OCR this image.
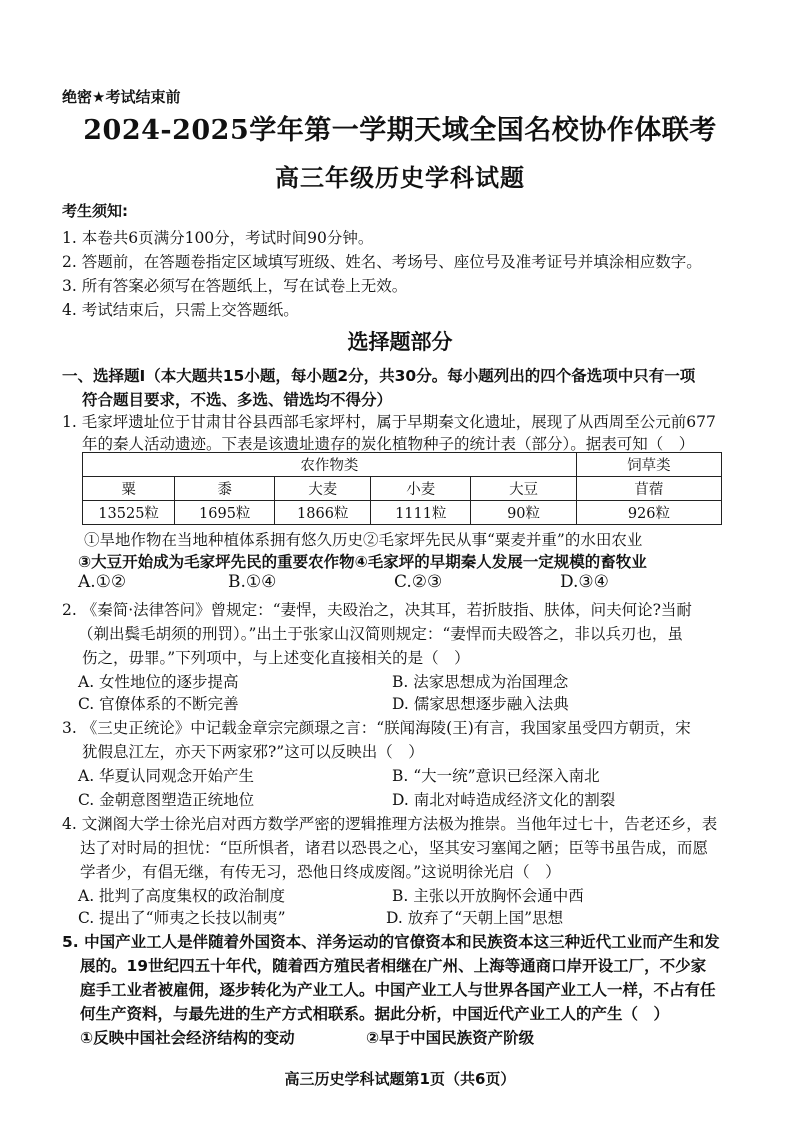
绝密★考试结束前
2024-2025学年第一学期天域全国名校协作体联考
高三年级历史学科试题
考生须知:
1. 本卷共6页满分100分，考试时间90分钟。
2. 答题前，在答题卷指定区域填写班级、姓名、考场号、座位号及准考证号并填涂相应数字。
3. 所有答案必须写在答题纸上，写在试卷上无效。
4. 考试结束后，只需上交答题纸。
选择题部分
一、选择题Ⅰ（本大题共15小题，每小题2分，共30分。每小题列出的四个备选项中只有一项
符合题目要求，不选、多选、错选均不得分）
1. 毛家坪遗址位于甘肃甘谷县西部毛家坪村，属于早期秦文化遗址，展现了从西周至公元前677
年的秦人活动遗迹。下表是该遗址遗存的炭化植物种子的统计表（部分）。据表可知（　）
农作物类					饲草类
粟	黍	大麦	小麦	大豆	苜蓿
13525粒	1695粒	1866粒	1111粒	90粒	926粒
①旱地作物在当地种植体系拥有悠久历史②毛家坪先民从事“粟麦并重”的水田农业
③大豆开始成为毛家坪先民的重要农作物④毛家坪的早期秦人发展一定规模的畜牧业
A.①②	B.①④	C.②③	D.③④
2. 《秦简·法律答问》曾规定：“妻悍，夫殴治之，决其耳，若折肢指、肤体，问夫何论?当耐
（剃出鬓毛胡须的刑罚）。”出土于张家山汉简则规定：“妻悍而夫殴答之，非以兵刃也，虽
伤之，毋罪。”下列项中，与上述变化直接相关的是（　）
A. 女性地位的逐步提高	B. 法家思想成为治国理念
C. 官僚体系的不断完善	D. 儒家思想逐步融入法典
3. 《三史正统论》中记载金章宗完颜璟之言：“朕闻海陵(王)有言，我国家虽受四方朝贡，宋
犹假息江左，亦天下两家邪?”这可以反映出（　）
A. 华夏认同观念开始产生	B. “大一统”意识已经深入南北
C. 金朝意图塑造正统地位	D. 南北对峙造成经济文化的割裂
4. 文渊阁大学士徐光启对西方数学严密的逻辑推理方法极为推崇。当他年过七十，告老还乡，表
达了对时局的担忧：“臣所惧者，诸君以恐畏之心，坚其安习塞闻之陋；臣等书虽告成，而愿
学者少，有倡无继，有传无习，恐他日终成废阁。”这说明徐光启（　）
A. 批判了高度集权的政治制度	B. 主张以开放胸怀会通中西
C. 提出了“师夷之长技以制夷”	D. 放弃了“天朝上国”思想
5. 中国产业工人是伴随着外国资本、洋务运动的官僚资本和民族资本这三种近代工业而产生和发
展的。19世纪四五十年代，随着西方殖民者相继在广州、上海等通商口岸开设工厂，不少家
庭手工业者被雇佣，逐步转化为产业工人。中国产业工人与世界各国产业工人一样，不占有任
何生产资料，与最先进的生产方式相联系。据此分析，中国近代产业工人的产生（　）
①反映中国社会经济结构的变动	②早于中国民族资产阶级
高三历史学科试题第1页（共6页）
